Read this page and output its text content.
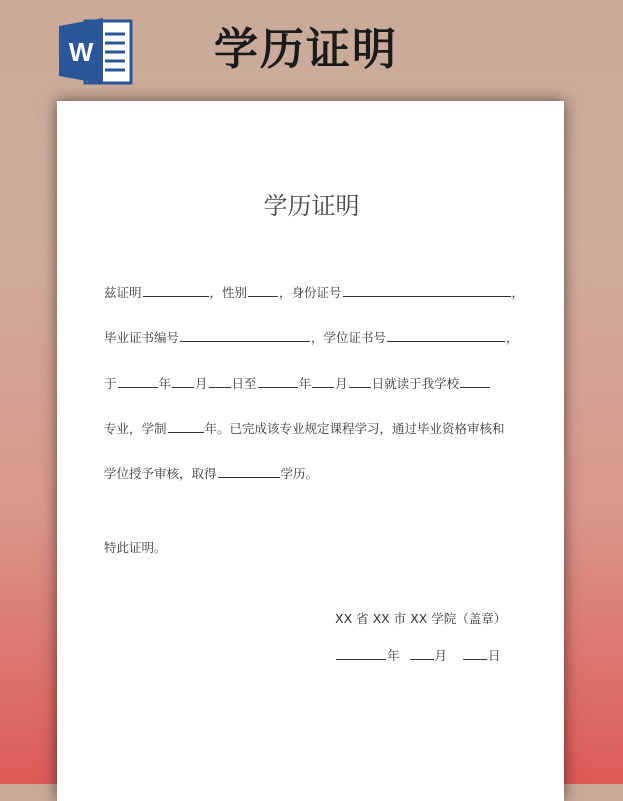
W	学历证明
学历证明
兹证明	，性别	，身份证号	，
毕业证书编号	，学位证书号	，
于	年 月 日至	年 月 日就读于我学校
专业，学制	年。已完成该专业规定课程学习，通过毕业资格审核和
学位授予审核，取得	学历。
特此证明。
XX 省 XX 市 XX 学院（盖章）
年	月	日
